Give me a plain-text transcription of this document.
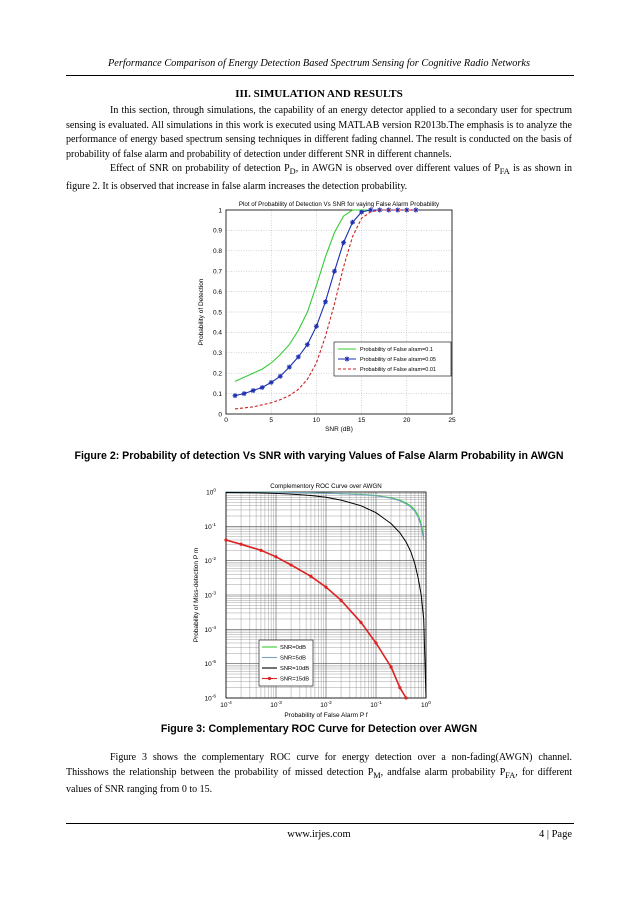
Performance Comparison of Energy Detection Based Spectrum Sensing for Cognitive Radio Networks
III. SIMULATION AND RESULTS
In this section, through simulations, the capability of an energy detector applied to a secondary user for spectrum sensing is evaluated. All simulations in this work is executed using MATLAB version R2013b.The emphasis is to analyze the performance of energy based spectrum sensing techniques in different fading channel. The result is conducted on the basis of probability of false alarm and probability of detection under different SNR in different channels.
Effect of SNR on probability of detection $P_D$, in AWGN is observed over different values of $P_{FA}$ is as shown in figure 2. It is observed that increase in false alarm increases the detection probability.
Plot of Probability of Detection Vs SNR for vaying False Alarm Probability
0	5	10	15	20	25
0
0.1
0.2
0.3
0.4
0.5
0.6
0.7
0.8
0.9
1
SNR (dB)
Probability of Detection
Probability of False alram=0.1
Probability of False alram=0.05
Probability of False alram=0.01
Figure 2: Probability of detection Vs SNR with varying Values of False Alarm Probability in AWGN
Complementory ROC Curve over AWGN
$10^{-4}$	$10^{-3}$	$10^{-2}$	$10^{-1}$	$10^0$
$10^0$
$10^{-1}$
$10^{-2}$
$10^{-3}$
$10^{-4}$
$10^{-5}$
$10^{-6}$
Probability of False Alarm P f
Probability of Miss-detection P m
SNR=0dB
SNR=5dB
SNR=10dB
SNR=15dB
Figure 3: Complementary ROC Curve for Detection over AWGN
Figure 3 shows the complementary ROC curve for energy detection over a non-fading(AWGN) channel. Thisshows the relationship between the probability of missed detection $P_M$, andfalse alarm probability $P_{FA}$, for different values of SNR ranging from 0 to 15.
www.irjes.com	4 | Page
